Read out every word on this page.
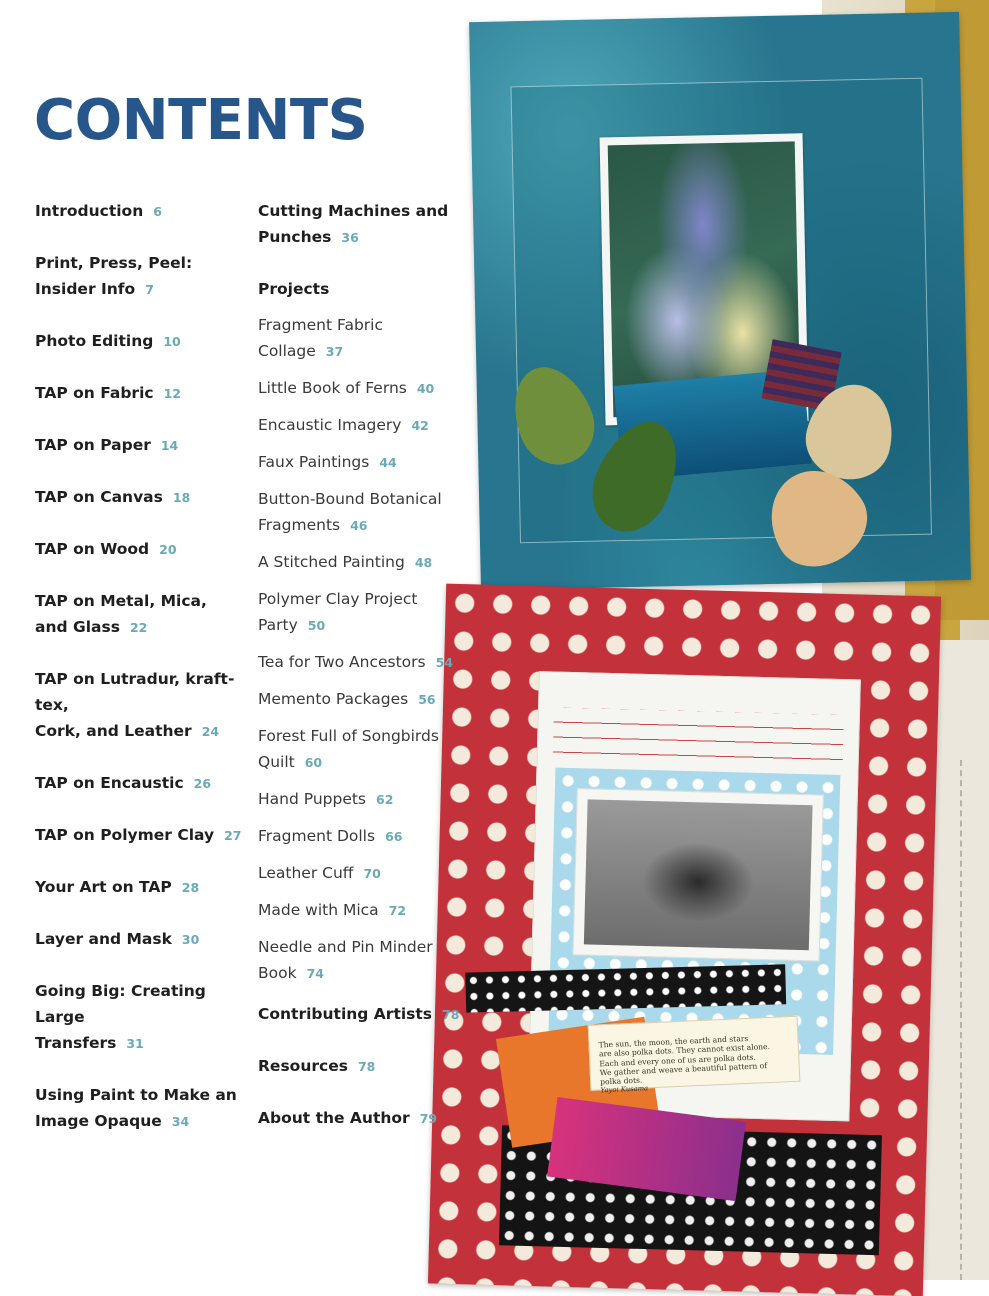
The sun, the moon, the earth and stars
are also polka dots. They cannot exist alone.
Each and every one of us are polka dots.
We gather and weave a beautiful pattern of
polka dots.

Yayoi Kusama

CONTENTS
Introduction 6
Print, Press, Peel:
Insider Info 7
Photo Editing 10
TAP on Fabric 12
TAP on Paper 14
TAP on Canvas 18
TAP on Wood 20
TAP on Metal, Mica,
and Glass 22
TAP on Lutradur, kraft-tex,
Cork, and Leather 24
TAP on Encaustic 26
TAP on Polymer Clay 27
Your Art on TAP 28
Layer and Mask 30
Going Big: Creating Large
Transfers 31
Using Paint to Make an
Image Opaque 34
Cutting Machines and
Punches 36
Projects
Fragment Fabric Collage 37
Little Book of Ferns 40
Encaustic Imagery 42
Faux Paintings 44
Button-Bound Botanical
Fragments 46
A Stitched Painting 48
Polymer Clay Project Party 50
Tea for Two Ancestors 54
Memento Packages 56
Forest Full of Songbirds
Quilt 60
Hand Puppets 62
Fragment Dolls 66
Leather Cuff 70
Made with Mica 72
Needle and Pin Minder
Book 74
Contributing Artists 78
Resources 78
About the Author 79
